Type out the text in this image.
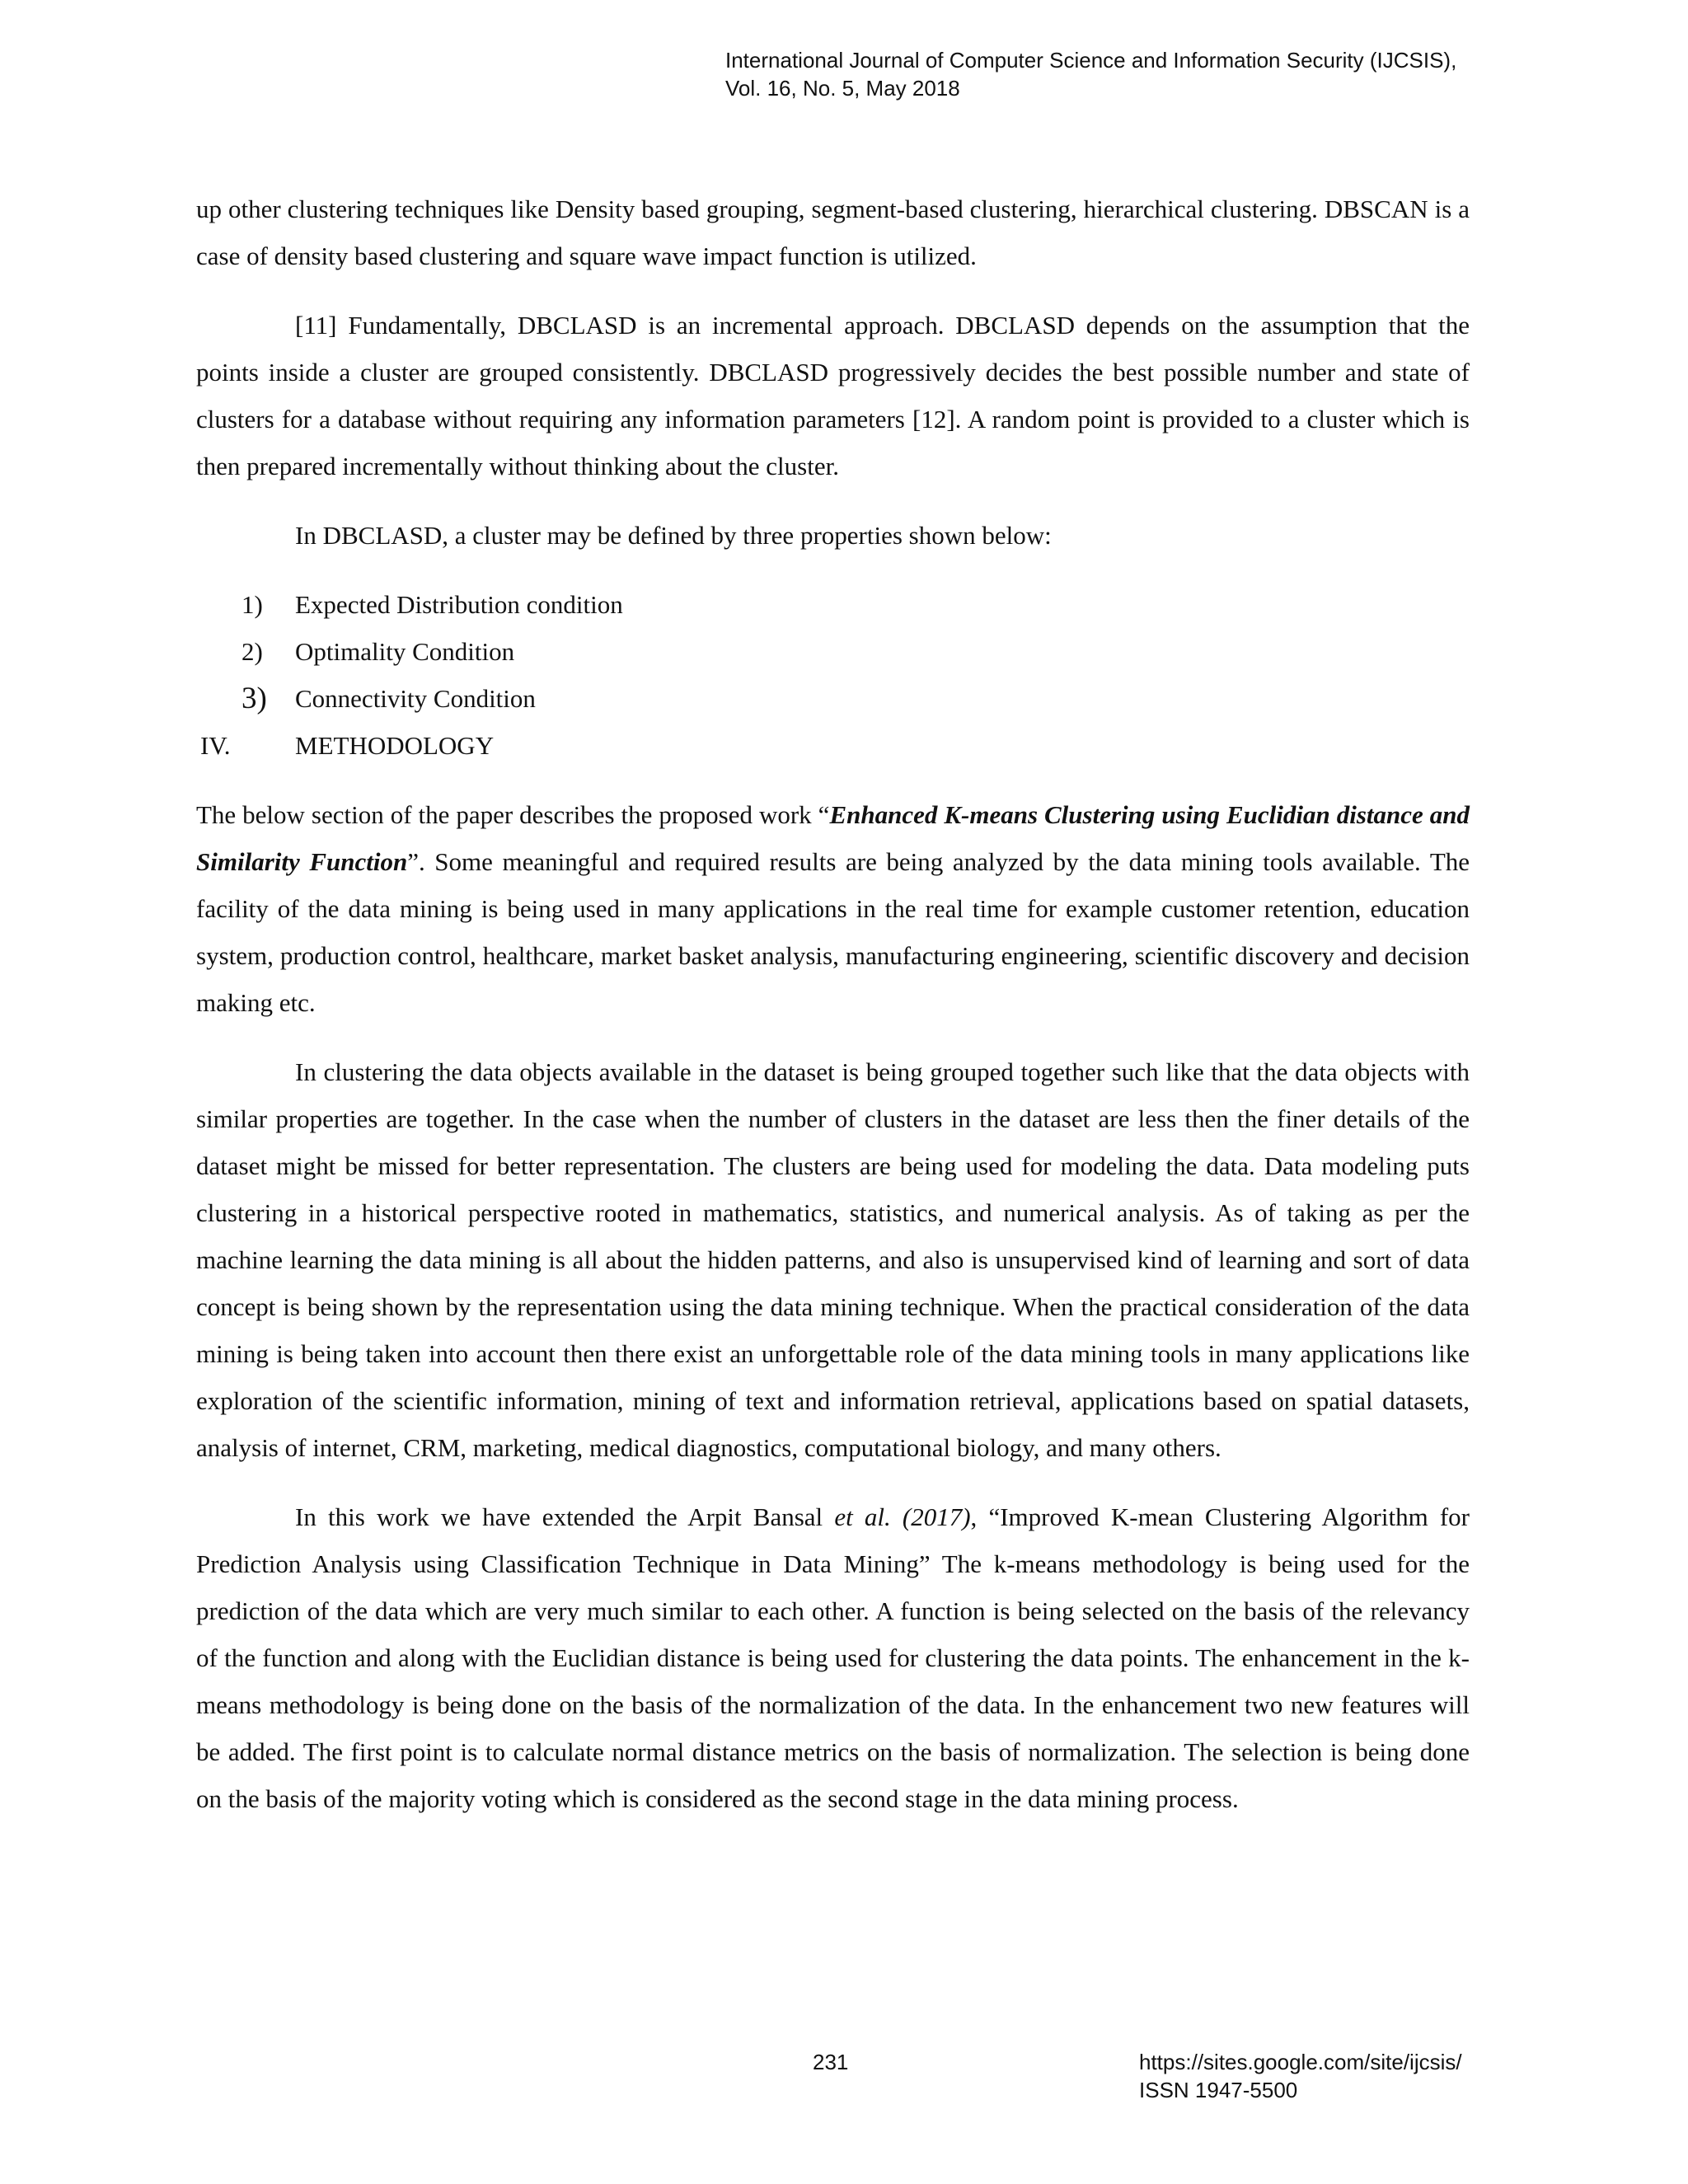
International Journal of Computer Science and Information Security (IJCSIS),
Vol. 16, No. 5, May 2018

up other clustering techniques like Density based grouping, segment-based clustering, hierarchical clustering. DBSCAN is a case of density based clustering and square wave impact function is utilized.

[11] Fundamentally, DBCLASD is an incremental approach. DBCLASD depends on the assumption that the points inside a cluster are grouped consistently. DBCLASD progressively decides the best possible number and state of clusters for a database without requiring any information parameters [12]. A random point is provided to a cluster which is then prepared incrementally without thinking about the cluster.

In DBCLASD, a cluster may be defined by three properties shown below:

1)	Expected Distribution condition
2)	Optimality Condition
3)	Connectivity Condition
IV.	METHODOLOGY

The below section of the paper describes the proposed work “Enhanced K-means Clustering using Euclidian distance and Similarity Function”. Some meaningful and required results are being analyzed by the data mining tools available. The facility of the data mining is being used in many applications in the real time for example customer retention, education system, production control, healthcare, market basket analysis, manufacturing engineering, scientific discovery and decision making etc.

In clustering the data objects available in the dataset is being grouped together such like that the data objects with similar properties are together. In the case when the number of clusters in the dataset are less then the finer details of the dataset might be missed for better representation. The clusters are being used for modeling the data. Data modeling puts clustering in a historical perspective rooted in mathematics, statistics, and numerical analysis. As of taking as per the machine learning the data mining is all about the hidden patterns, and also is unsupervised kind of learning and sort of data concept is being shown by the representation using the data mining technique. When the practical consideration of the data mining is being taken into account then there exist an unforgettable role of the data mining tools in many applications like exploration of the scientific information, mining of text and information retrieval, applications based on spatial datasets, analysis of internet, CRM, marketing, medical diagnostics, computational biology, and many others.

In this work we have extended the Arpit Bansal et al. (2017), “Improved K-mean Clustering Algorithm for Prediction Analysis using Classification Technique in Data Mining” The k-means methodology is being used for the prediction of the data which are very much similar to each other. A function is being selected on the basis of the relevancy of the function and along with the Euclidian distance is being used for clustering the data points. The enhancement in the k-means methodology is being done on the basis of the normalization of the data. In the enhancement two new features will be added. The first point is to calculate normal distance metrics on the basis of normalization. The selection is being done on the basis of the majority voting which is considered as the second stage in the data mining process.

231	https://sites.google.com/site/ijcsis/
ISSN 1947-5500
